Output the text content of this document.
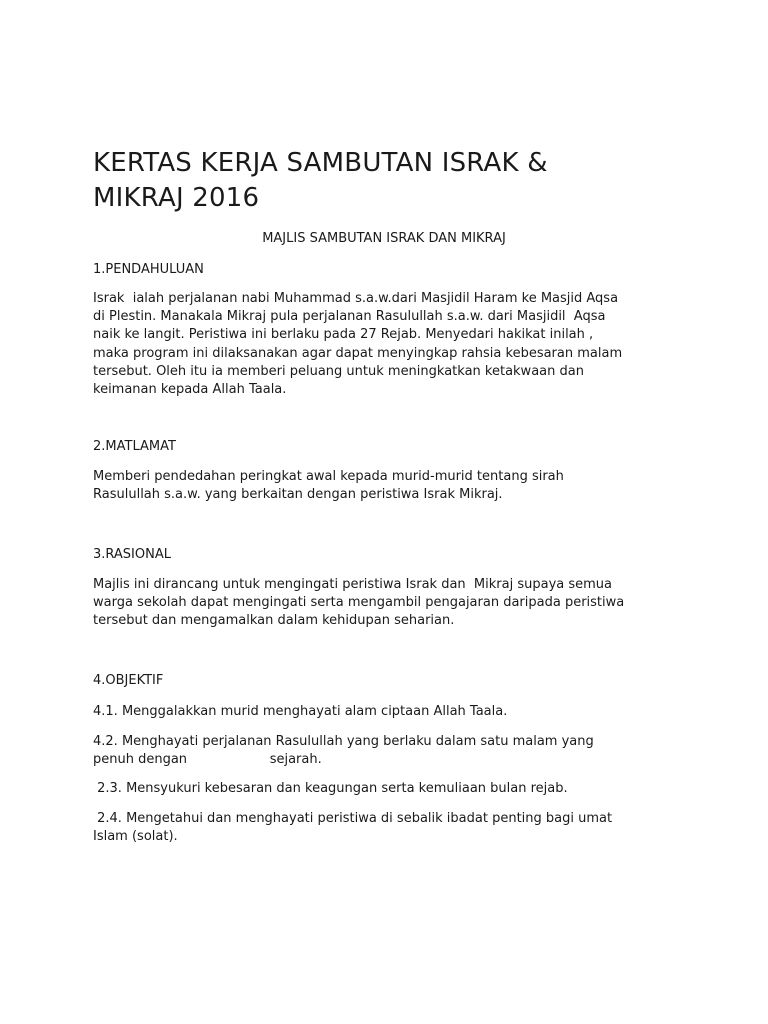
KERTAS KERJA SAMBUTAN ISRAK &
MIKRAJ 2016

MAJLIS SAMBUTAN ISRAK DAN MIKRAJ

1.PENDAHULUAN

Israk  ialah perjalanan nabi Muhammad s.a.w.dari Masjidil Haram ke Masjid Aqsa
di Plestin. Manakala Mikraj pula perjalanan Rasulullah s.a.w. dari Masjidil  Aqsa
naik ke langit. Peristiwa ini berlaku pada 27 Rejab. Menyedari hakikat inilah ,
maka program ini dilaksanakan agar dapat menyingkap rahsia kebesaran malam
tersebut. Oleh itu ia memberi peluang untuk meningkatkan ketakwaan dan
keimanan kepada Allah Taala.

2.MATLAMAT

Memberi pendedahan peringkat awal kepada murid-murid tentang sirah
Rasulullah s.a.w. yang berkaitan dengan peristiwa Israk Mikraj.

3.RASIONAL

Majlis ini dirancang untuk mengingati peristiwa Israk dan  Mikraj supaya semua
warga sekolah dapat mengingati serta mengambil pengajaran daripada peristiwa
tersebut dan mengamalkan dalam kehidupan seharian.

4.OBJEKTIF

4.1. Menggalakkan murid menghayati alam ciptaan Allah Taala.

4.2. Menghayati perjalanan Rasulullah yang berlaku dalam satu malam yang
penuh dengan                    sejarah.

2.3. Mensyukuri kebesaran dan keagungan serta kemuliaan bulan rejab.

2.4. Mengetahui dan menghayati peristiwa di sebalik ibadat penting bagi umat
Islam (solat).
